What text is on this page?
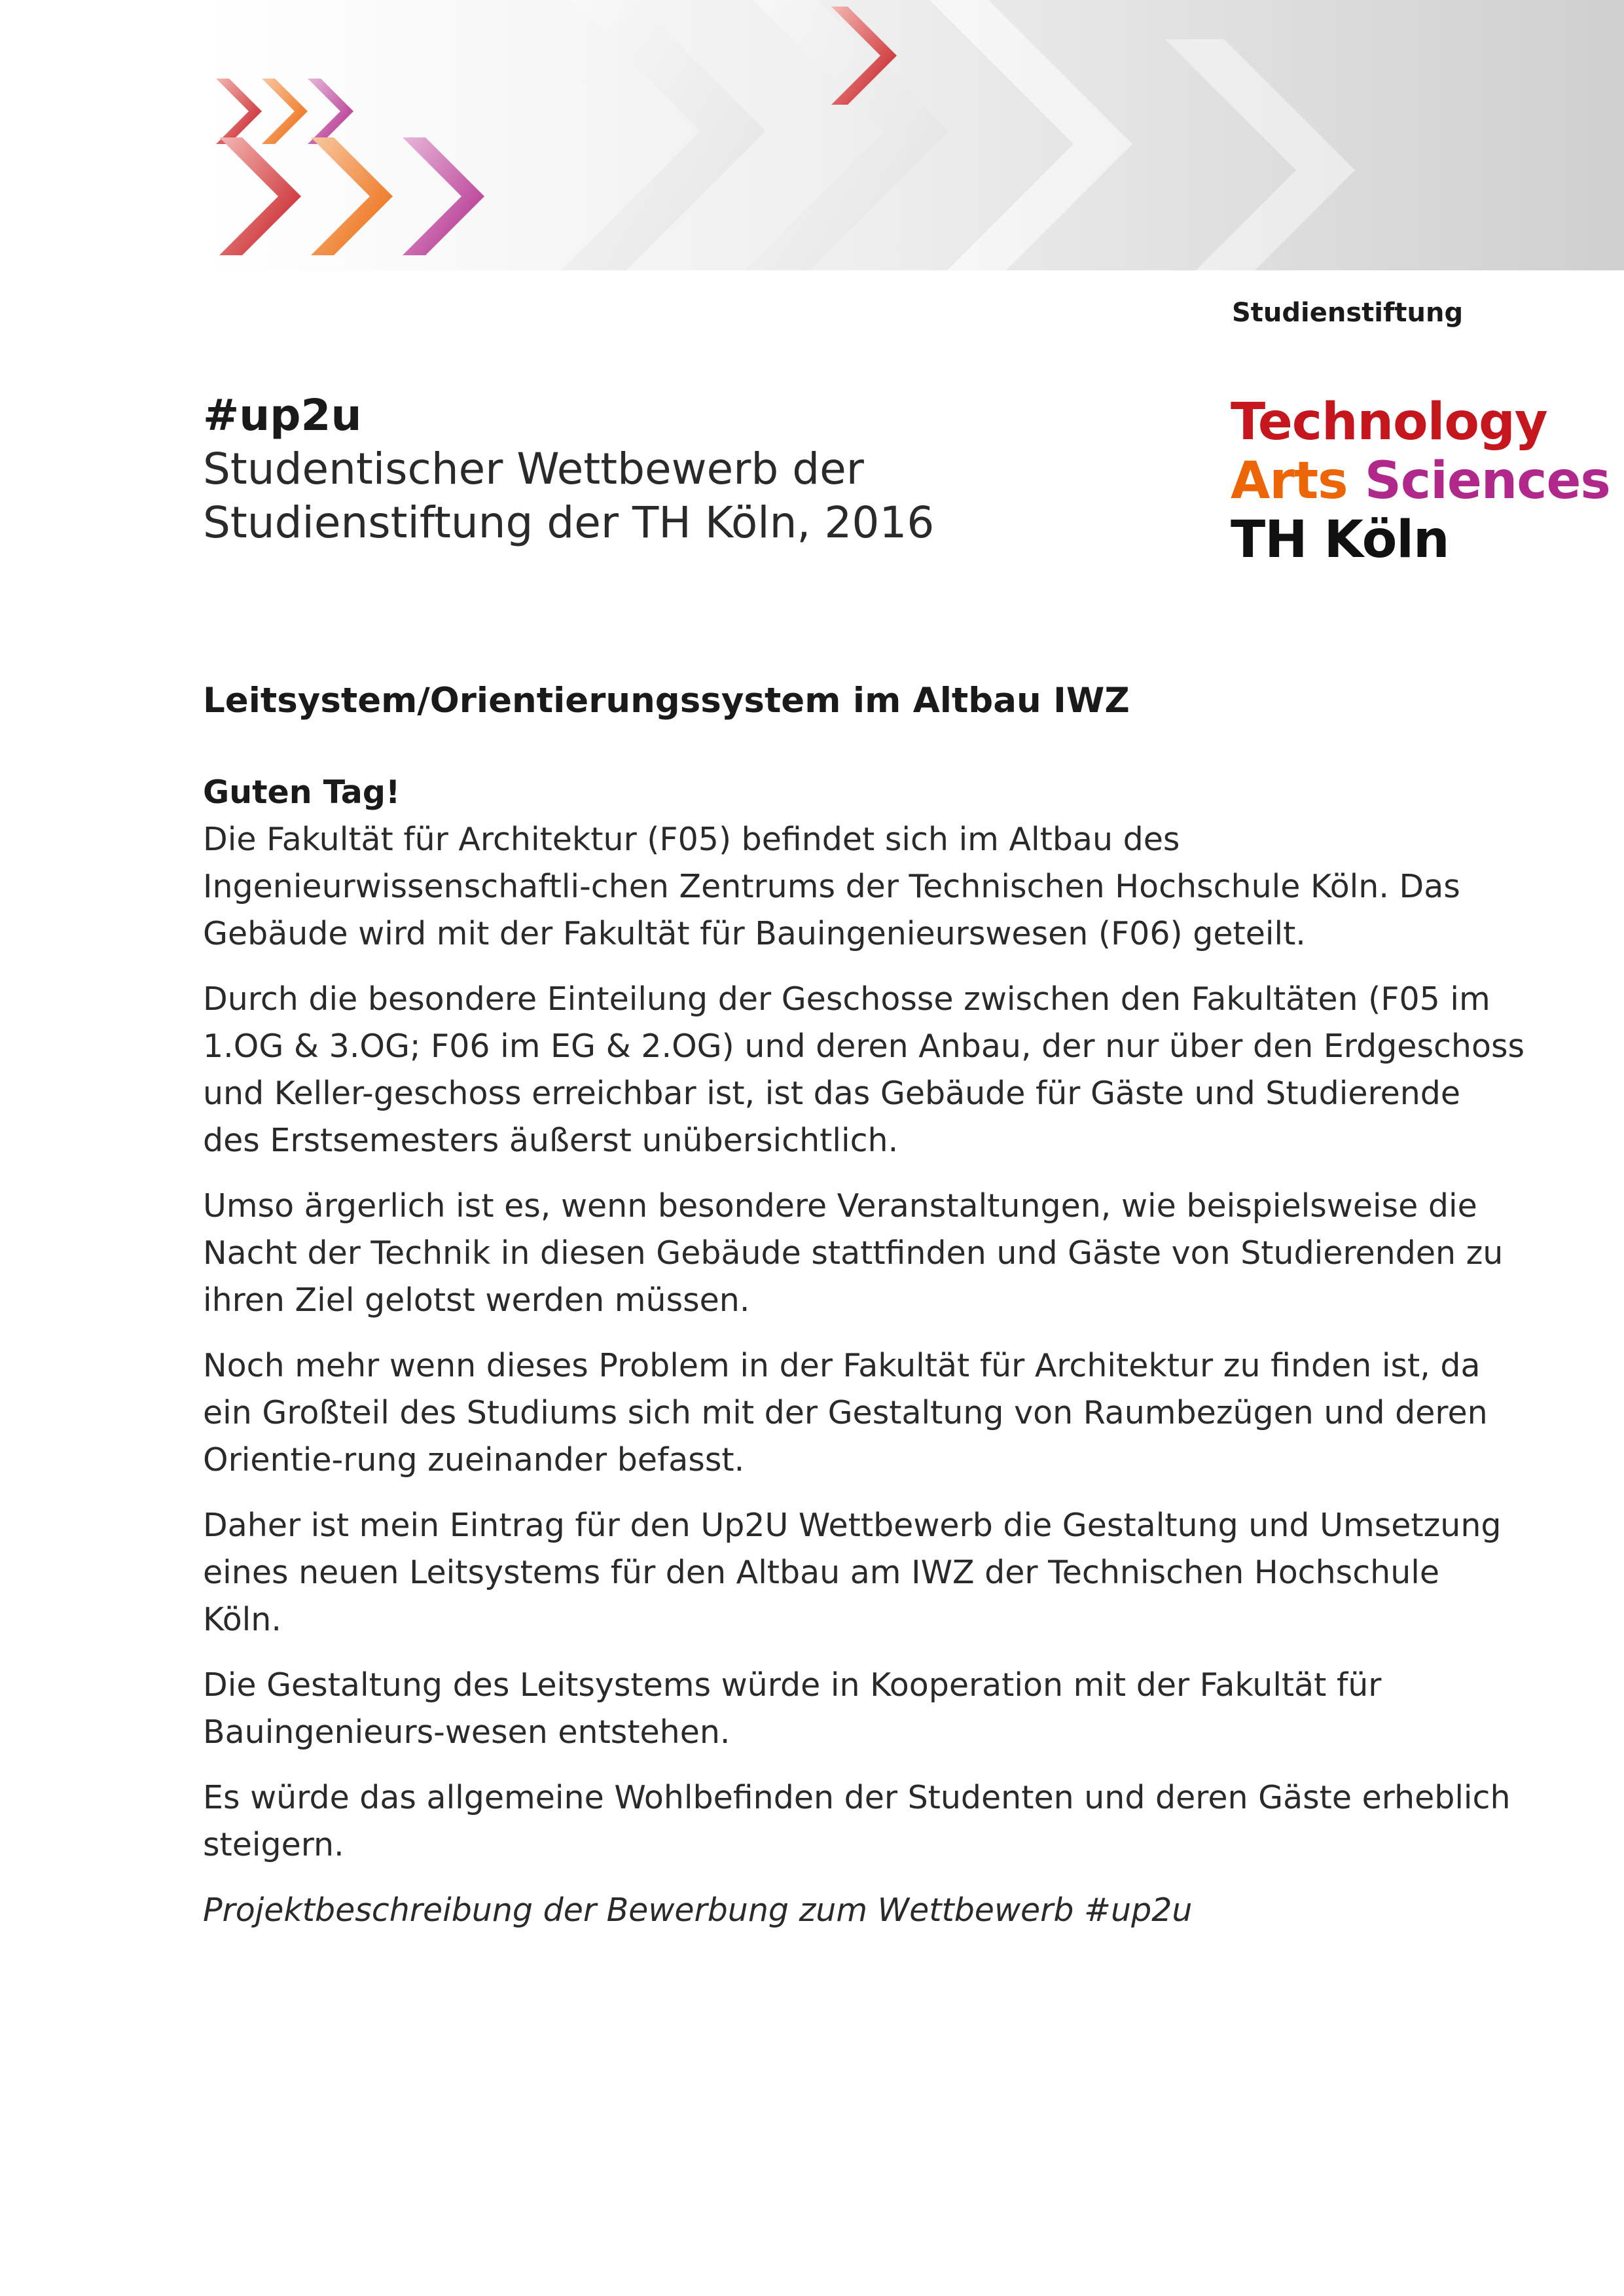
Studienstiftung
Technology
Arts Sciences
TH Köln
#up2u
Studentischer Wettbewerb der
Studienstiftung der TH Köln, 2016
Leitsystem/Orientierungssystem im Altbau IWZ

Guten Tag!
Die Fakultät für Architektur (F05) befindet sich im Altbau des Ingenieurwissenschaftli-chen Zentrums der Technischen Hochschule Köln. Das Gebäude wird mit der Fakultät für Bauingenieurswesen (F06) geteilt.

Durch die besondere Einteilung der Geschosse zwischen den Fakultäten (F05 im 1.OG & 3.OG; F06 im EG & 2.OG) und deren Anbau, der nur über den Erdgeschoss und Keller-geschoss erreichbar ist, ist das Gebäude für Gäste und Studierende des Erstsemesters äußerst unübersichtlich.

Umso ärgerlich ist es, wenn besondere Veranstaltungen, wie beispielsweise die Nacht der Technik in diesen Gebäude stattfinden und Gäste von Studierenden zu ihren Ziel gelotst werden müssen.

Noch mehr wenn dieses Problem in der Fakultät für Architektur zu finden ist, da ein Großteil des Studiums sich mit der Gestaltung von Raumbezügen und deren Orientie-rung zueinander befasst.

Daher ist mein Eintrag für den Up2U Wettbewerb die Gestaltung und Umsetzung eines neuen Leitsystems für den Altbau am IWZ der Technischen Hochschule Köln.

Die Gestaltung des Leitsystems würde in Kooperation mit der Fakultät für Bauingenieurs-wesen entstehen.

Es würde das allgemeine Wohlbefinden der Studenten und deren Gäste erheblich steigern.

Projektbeschreibung der Bewerbung zum Wettbewerb #up2u
